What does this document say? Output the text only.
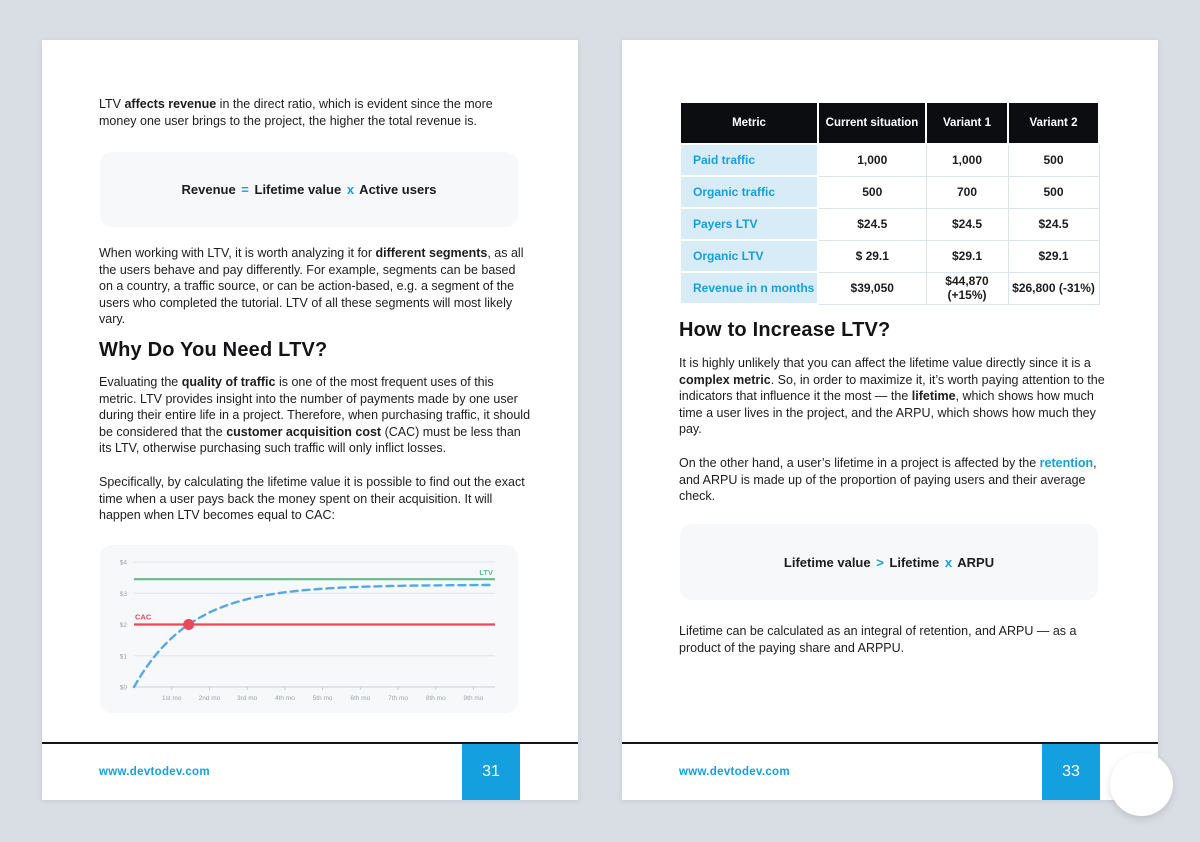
LTV affects revenue in the direct ratio, which is evident since the more money one user brings to the project, the higher the total revenue is.
Revenue = Lifetime value x Active users
When working with LTV, it is worth analyzing it for different segments, as all the users behave and pay differently. For example, segments can be based on a country, a traffic source, or can be action-based, e.g. a segment of the users who completed the tutorial. LTV of all these segments will most likely vary.
Why Do You Need LTV?
Evaluating the quality of traffic is one of the most frequent uses of this metric. LTV provides insight into the number of payments made by one user during their entire life in a project. Therefore, when purchasing traffic, it should be considered that the customer acquisition cost (CAC) must be less than its LTV, otherwise purchasing such traffic will only inflict losses.
Specifically, by calculating the lifetime value it is possible to find out the exact time when a user pays back the money spent on their acquisition. It will happen when LTV becomes equal to CAC:
$0
$1
$2
$3
$4
1st mo	2nd mo	3rd mo	4th mo	5th mo	6th mo	7th mo	8th mo	9th mo
LTV
CAC
www.devtodev.com	31
Metric	Current situation	Variant 1	Variant 2
Paid traffic	1,000	1,000	500
Organic traffic	500	700	500
Payers LTV	$24.5	$24.5	$24.5
Organic LTV	$ 29.1	$29.1	$29.1
Revenue in n months	$39,050	$44,870 (+15%)	$26,800 (-31%)
How to Increase LTV?
It is highly unlikely that you can affect the lifetime value directly since it is a complex metric. So, in order to maximize it, it’s worth paying attention to the indicators that influence it the most — the lifetime, which shows how much time a user lives in the project, and the ARPU, which shows how much they pay.
On the other hand, a user’s lifetime in a project is affected by the retention, and ARPU is made up of the proportion of paying users and their average check.
Lifetime value > Lifetime x ARPU
Lifetime can be calculated as an integral of retention, and ARPU — as a product of the paying share and ARPPU.
www.devtodev.com	33
